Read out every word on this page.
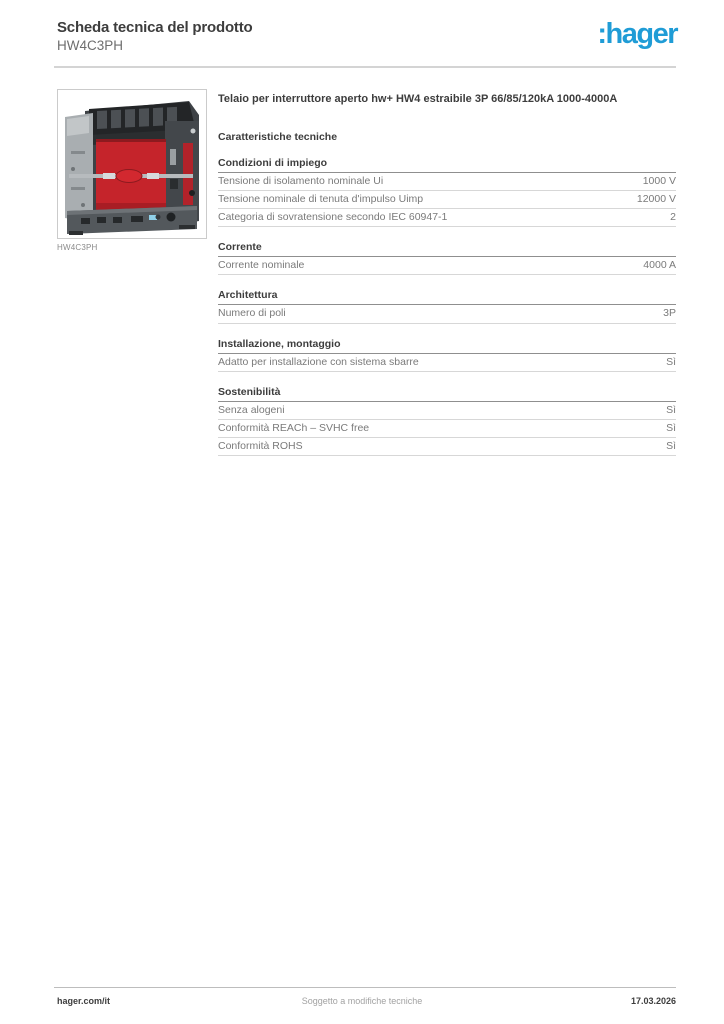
Scheda tecnica del prodotto
HW4C3PH	:hager
HW4C3PH
Telaio per interruttore aperto hw+ HW4 estraibile 3P 66/85/120kA 1000-4000A
Caratteristiche tecniche
Condizioni di impiego
Tensione di isolamento nominale Ui	1000 V
Tensione nominale di tenuta d'impulso Uimp	12000 V
Categoria di sovratensione secondo IEC 60947-1	2
Corrente
Corrente nominale	4000 A
Architettura
Numero di poli	3P
Installazione, montaggio
Adatto per installazione con sistema sbarre	Sì
Sostenibilità
Senza alogeni	Sì
Conformità REACh – SVHC free	Sì
Conformità ROHS	Sì
Soggetto a modifiche tecniche
hager.com/it	17.03.2026
